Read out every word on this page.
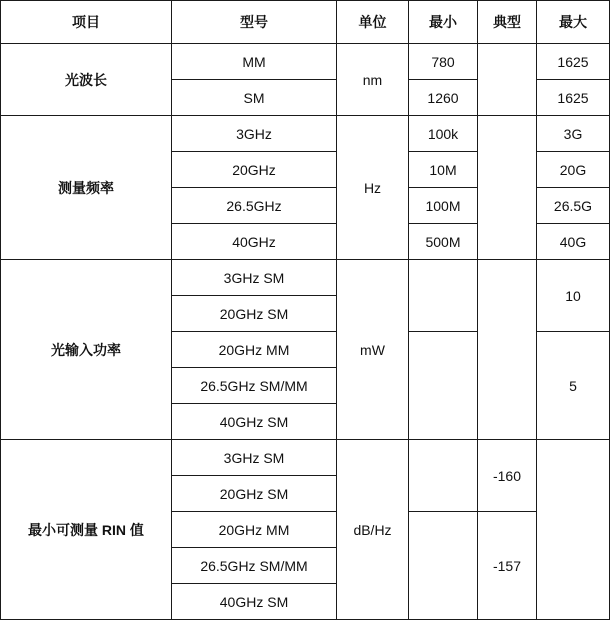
项目	型号	单位	最小	典型	最大
光波长	MM	nm	780		1625
	SM		1260		1625
测量频率	3GHz	Hz	100k		3G
	20GHz		10M		20G
	26.5GHz		100M		26.5G
	40GHz		500M		40G
光输入功率	3GHz SM	mW			10
	20GHz SM				
	20GHz MM				5
	26.5GHz SM/MM				
	40GHz SM				
最小可测量 RIN 值	3GHz SM	dB/Hz		-160	
	20GHz SM				
	20GHz MM			-157	
	26.5GHz SM/MM				
	40GHz SM				
